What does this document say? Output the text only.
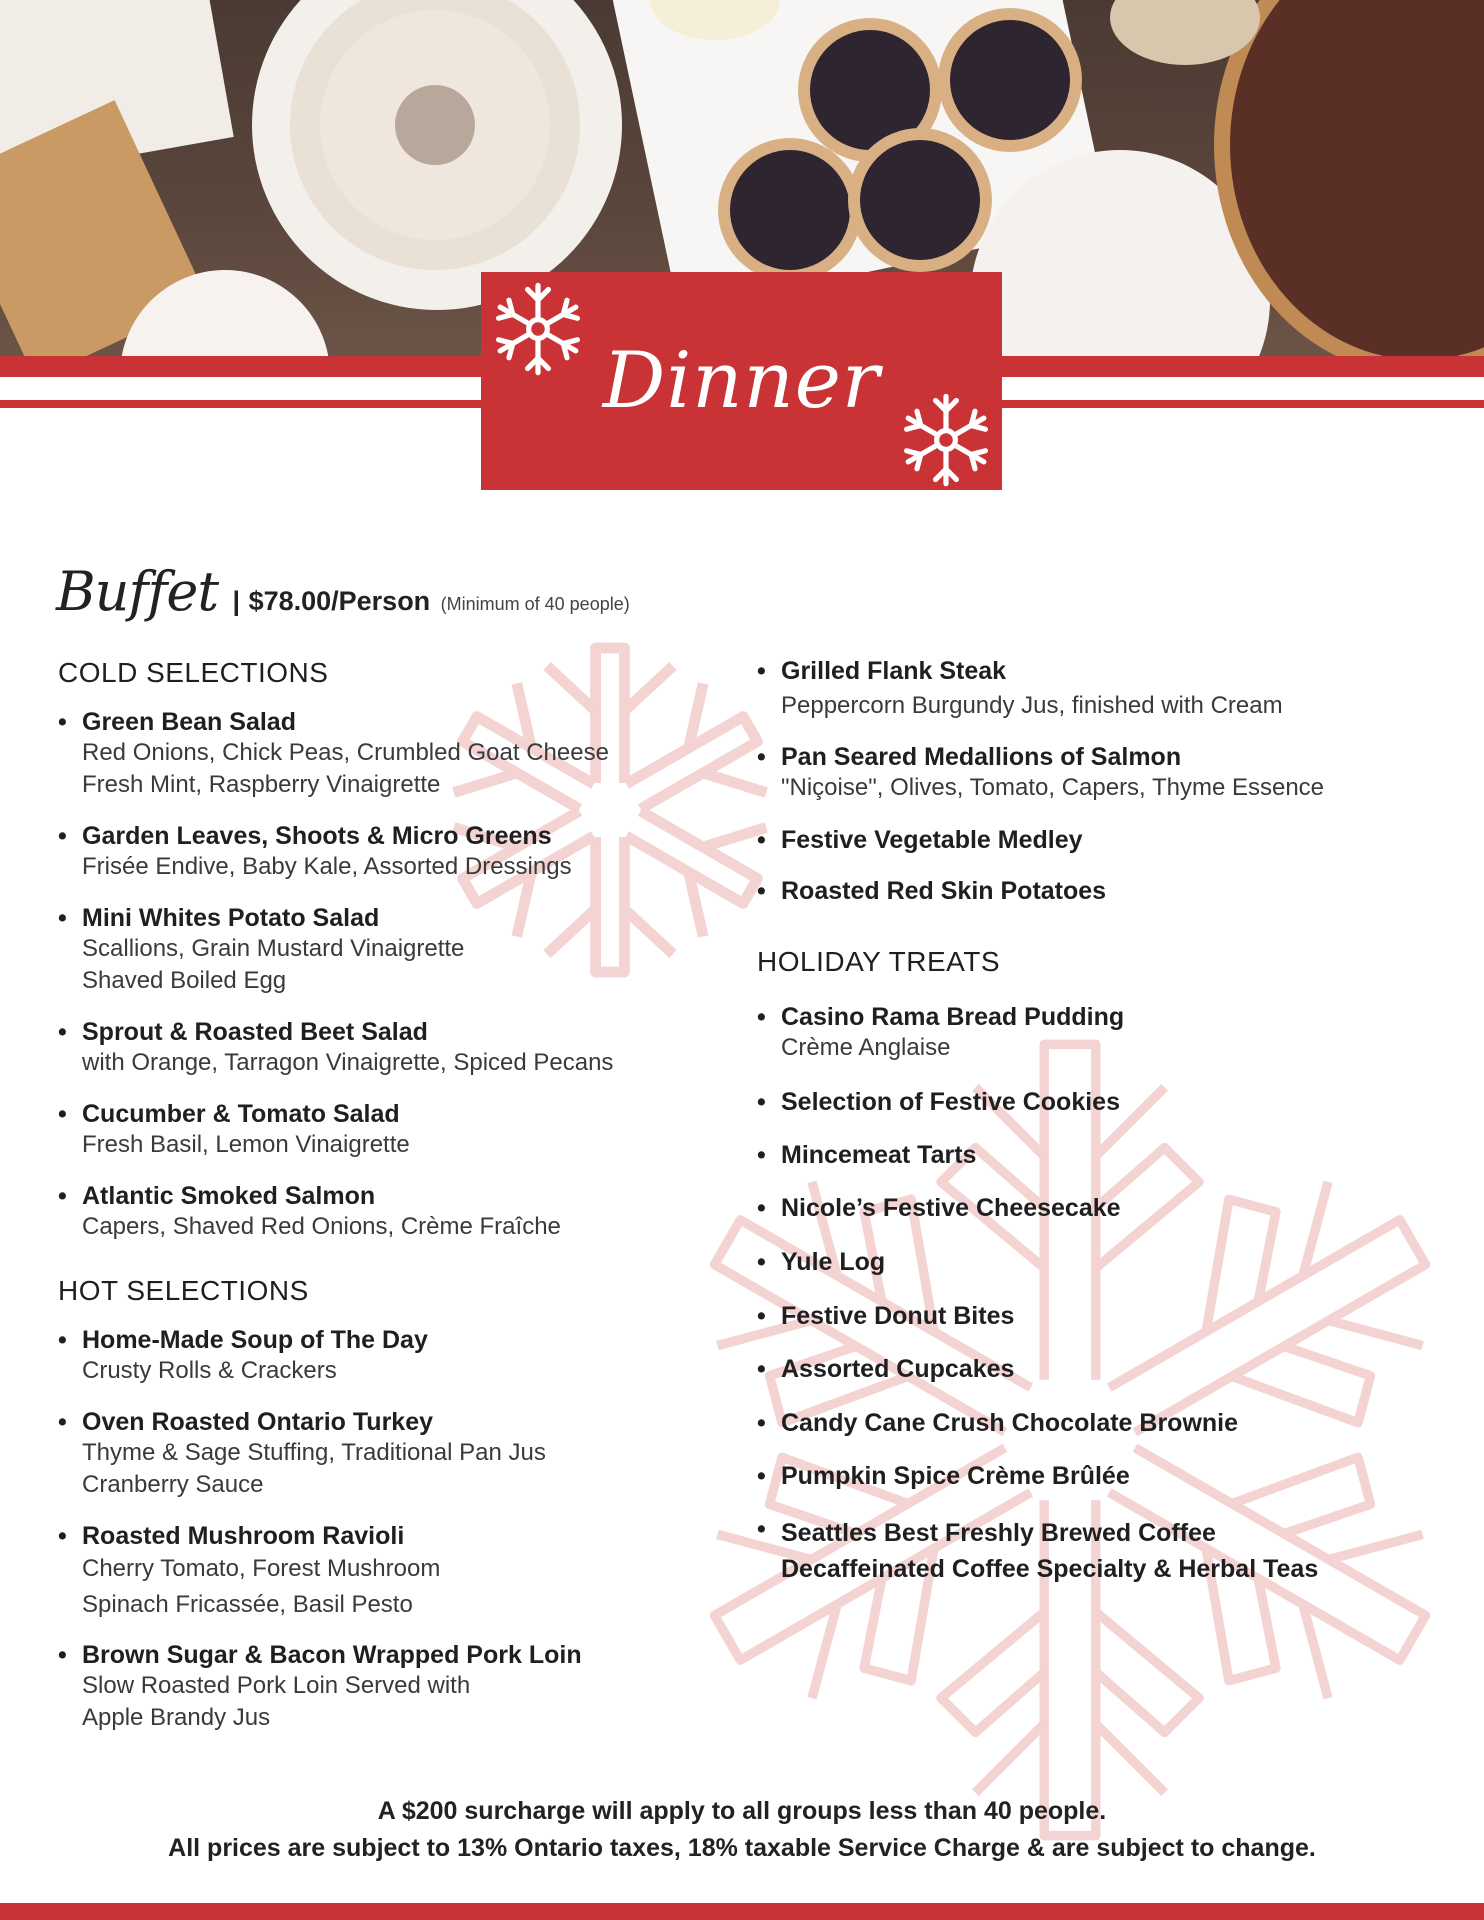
Dinner
Buffet | $78.00/Person (Minimum of 40 people)
COLD SELECTIONS
• Green Bean Salad
Red Onions, Chick Peas, Crumbled Goat Cheese
Fresh Mint, Raspberry Vinaigrette
• Garden Leaves, Shoots & Micro Greens
Frisée Endive, Baby Kale, Assorted Dressings
• Mini Whites Potato Salad
Scallions, Grain Mustard Vinaigrette
Shaved Boiled Egg
• Sprout & Roasted Beet Salad
with Orange, Tarragon Vinaigrette, Spiced Pecans
• Cucumber & Tomato Salad
Fresh Basil, Lemon Vinaigrette
• Atlantic Smoked Salmon
Capers, Shaved Red Onions, Crème Fraîche
HOT SELECTIONS
• Home-Made Soup of The Day
Crusty Rolls & Crackers
• Oven Roasted Ontario Turkey
Thyme & Sage Stuffing, Traditional Pan Jus
Cranberry Sauce
• Roasted Mushroom Ravioli
Cherry Tomato, Forest Mushroom
Spinach Fricassée, Basil Pesto
• Brown Sugar & Bacon Wrapped Pork Loin
Slow Roasted Pork Loin Served with
Apple Brandy Jus
• Grilled Flank Steak
Peppercorn Burgundy Jus, finished with Cream
• Pan Seared Medallions of Salmon
"Niçoise", Olives, Tomato, Capers, Thyme Essence
• Festive Vegetable Medley
• Roasted Red Skin Potatoes
HOLIDAY TREATS
• Casino Rama Bread Pudding
Crème Anglaise
• Selection of Festive Cookies
• Mincemeat Tarts
• Nicole’s Festive Cheesecake
• Yule Log
• Festive Donut Bites
• Assorted Cupcakes
• Candy Cane Crush Chocolate Brownie
• Pumpkin Spice Crème Brûlée
• Seattles Best Freshly Brewed Coffee
Decaffeinated Coffee Specialty & Herbal Teas
A $200 surcharge will apply to all groups less than 40 people.
All prices are subject to 13% Ontario taxes, 18% taxable Service Charge & are subject to change.
